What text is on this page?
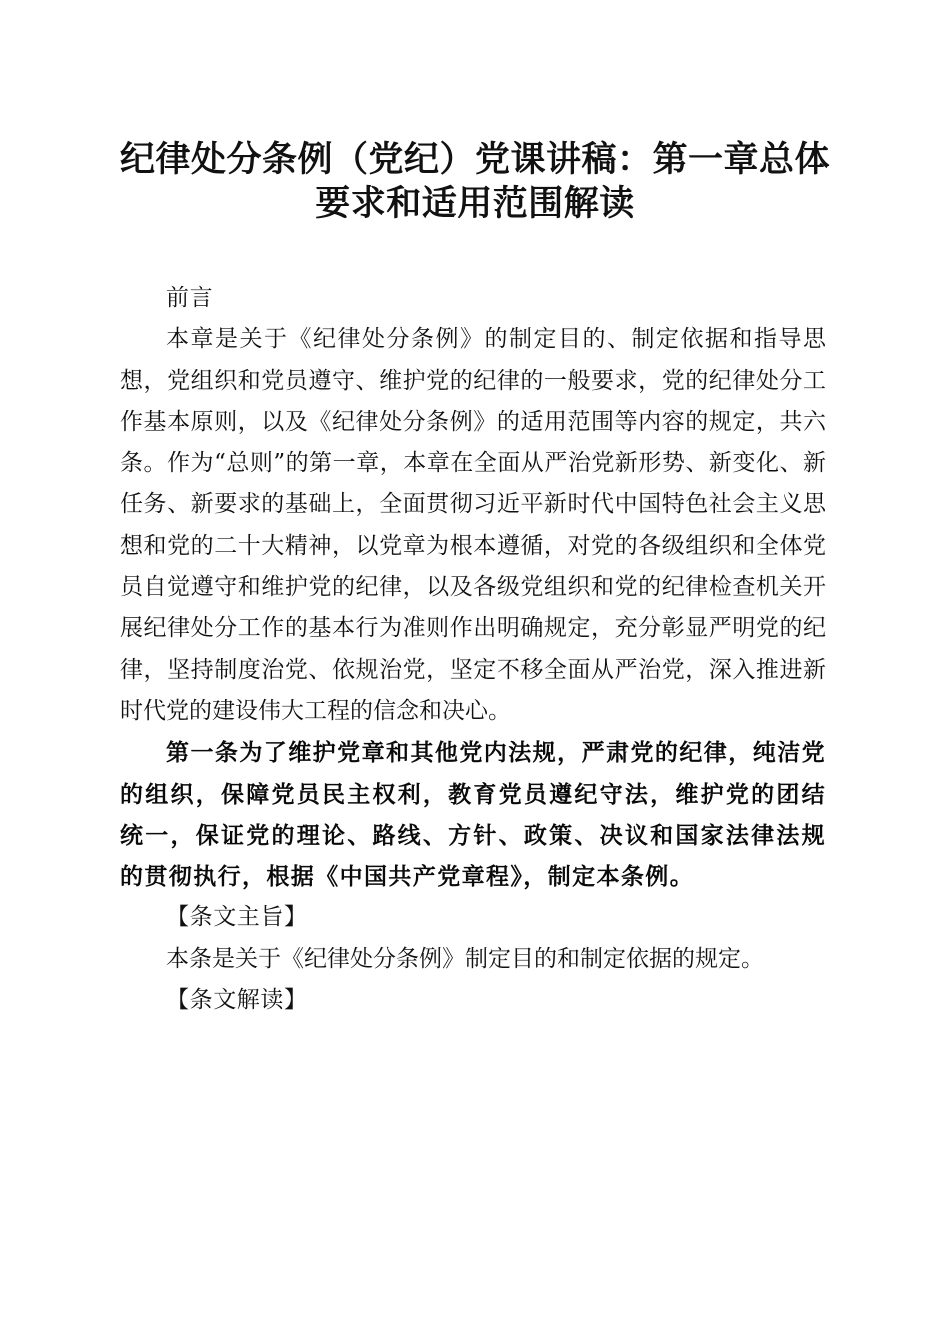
纪律处分条例（党纪）党课讲稿：第一章总体
要求和适用范围解读

前言

本章是关于《纪律处分条例》的制定目的、制定依据和指导思想，党组织和党员遵守、维护党的纪律的一般要求，党的纪律处分工作基本原则，以及《纪律处分条例》的适用范围等内容的规定，共六条。作为“总则”的第一章，本章在全面从严治党新形势、新变化、新任务、新要求的基础上，全面贯彻习近平新时代中国特色社会主义思想和党的二十大精神，以党章为根本遵循，对党的各级组织和全体党员自觉遵守和维护党的纪律，以及各级党组织和党的纪律检查机关开展纪律处分工作的基本行为准则作出明确规定，充分彰显严明党的纪律，坚持制度治党、依规治党，坚定不移全面从严治党，深入推进新时代党的建设伟大工程的信念和决心。

第一条为了维护党章和其他党内法规，严肃党的纪律，纯洁党的组织，保障党员民主权利，教育党员遵纪守法，维护党的团结统一，保证党的理论、路线、方针、政策、决议和国家法律法规的贯彻执行，根据《中国共产党章程》，制定本条例。

【条文主旨】

本条是关于《纪律处分条例》制定目的和制定依据的规定。

【条文解读】
